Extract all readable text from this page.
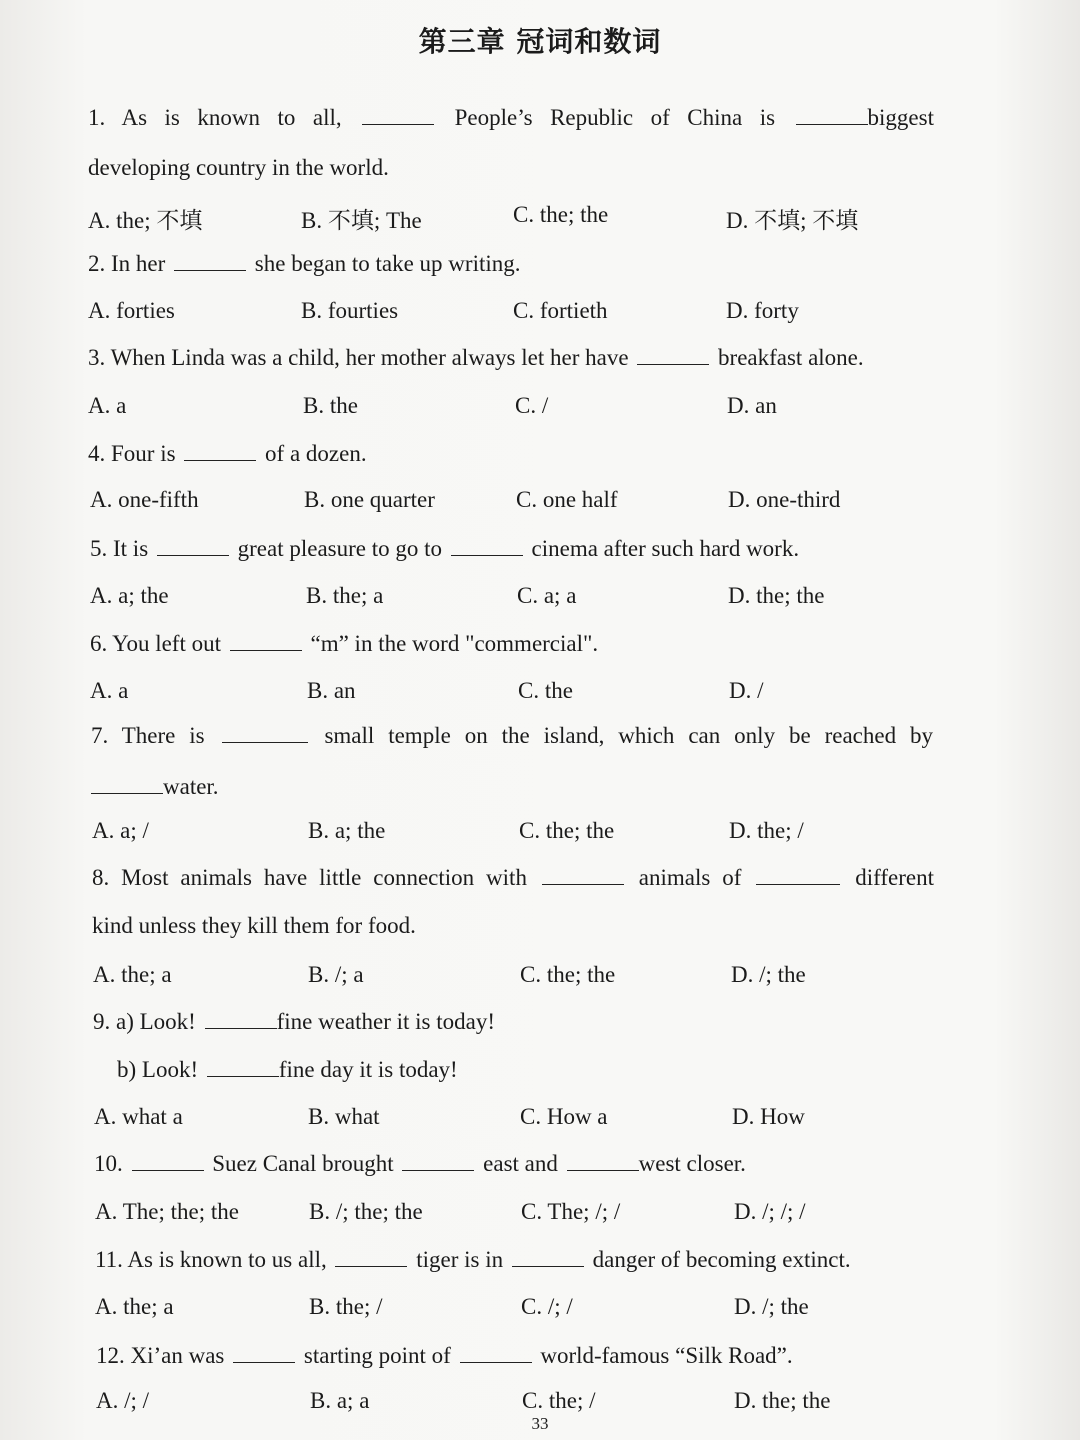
第三章 冠词和数词
1. As is known to all,	People’s Republic of China is	biggest
developing country in the world.
A. the; 不填	B. 不填; The	C. the; the	D. 不填; 不填
2. In her	she began to take up writing.
A. forties	B. fourties	C. fortieth	D. forty
3. When Linda was a child, her mother always let her have	breakfast alone.
A. a	B. the	C. /	D. an
4. Four is	of a dozen.
A. one-fifth	B. one quarter	C. one half	D. one-third
5. It is	great pleasure to go to	cinema after such hard work.
A. a; the	B. the; a	C. a; a	D. the; the
6. You left out	“m” in the word "commercial".
A. a	B. an	C. the	D. /
7. There is	small temple on the island, which can only be reached by
water.
A. a; /	B. a; the	C. the; the	D. the; /
8. Most animals have little connection with	animals of	different
kind unless they kill them for food.
A. the; a	B. /; a	C. the; the	D. /; the
9. a) Look!	fine weather it is today!
b) Look!	fine day it is today!
A. what a	B. what	C. How a	D. How
10.	Suez Canal brought	east and	west closer.
A. The; the; the	B. /; the; the	C. The; /; /	D. /; /; /
11. As is known to us all,	tiger is in	danger of becoming extinct.
A. the; a	B. the; /	C. /; /	D. /; the
12. Xi’an was	starting point of	world-famous “Silk Road”.
A. /; /	B. a; a	C. the; /	D. the; the
33
